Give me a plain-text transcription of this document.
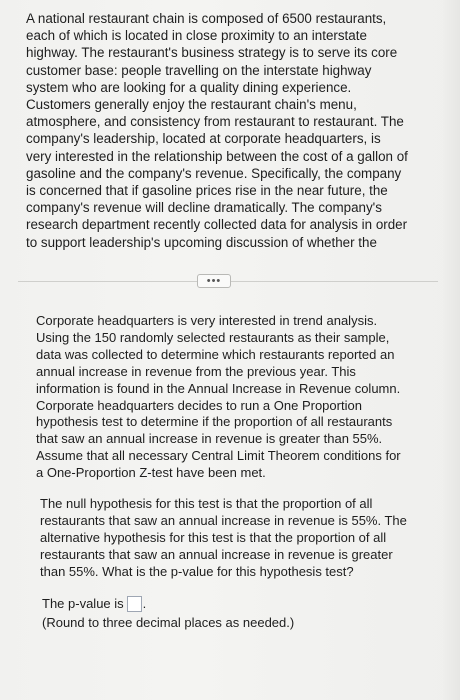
A national restaurant chain is composed of 6500 restaurants,
each of which is located in close proximity to an interstate
highway. The restaurant's business strategy is to serve its core
customer base: people travelling on the interstate highway
system who are looking for a quality dining experience.
Customers generally enjoy the restaurant chain's menu,
atmosphere, and consistency from restaurant to restaurant. The
company's leadership, located at corporate headquarters, is
very interested in the relationship between the cost of a gallon of
gasoline and the company's revenue. Specifically, the company
is concerned that if gasoline prices rise in the near future, the
company's revenue will decline dramatically. The company's
research department recently collected data for analysis in order
to support leadership's upcoming discussion of whether the
•••
Corporate headquarters is very interested in trend analysis.
Using the 150 randomly selected restaurants as their sample,
data was collected to determine which restaurants reported an
annual increase in revenue from the previous year. This
information is found in the Annual Increase in Revenue column.
Corporate headquarters decides to run a One Proportion
hypothesis test to determine if the proportion of all restaurants
that saw an annual increase in revenue is greater than 55%.
Assume that all necessary Central Limit Theorem conditions for
a One-Proportion Z-test have been met.
The null hypothesis for this test is that the proportion of all
restaurants that saw an annual increase in revenue is 55%. The
alternative hypothesis for this test is that the proportion of all
restaurants that saw an annual increase in revenue is greater
than 55%. What is the p-value for this hypothesis test?
The p-value is .
(Round to three decimal places as needed.)
